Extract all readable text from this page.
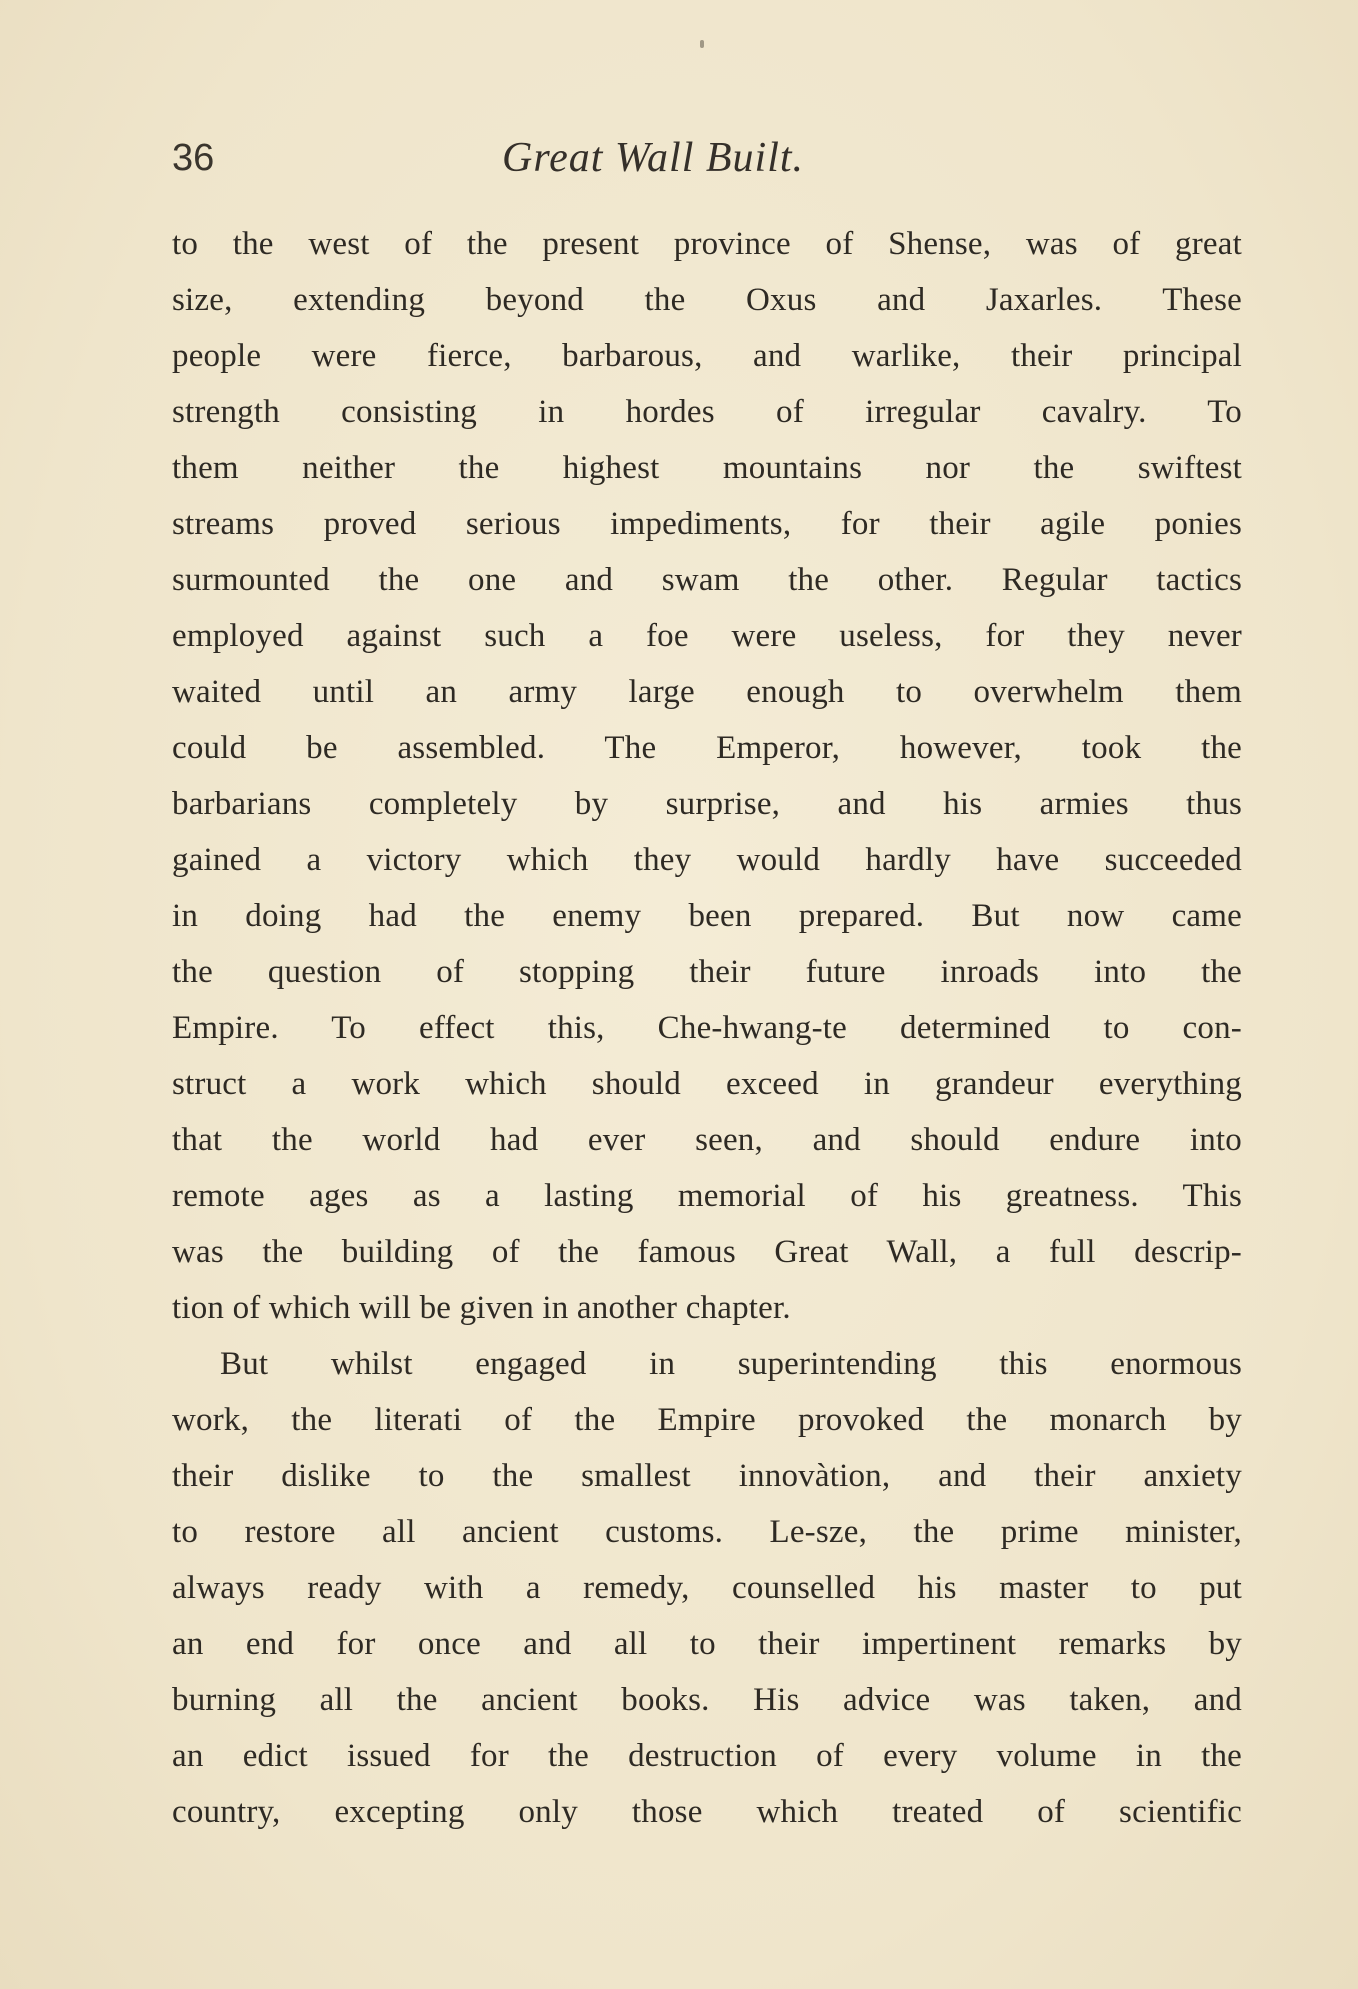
36	Great Wall Built.
to the west of the present province of Shense, was of great
size, extending beyond the Oxus and Jaxarles. These
people were fierce, barbarous, and warlike, their principal
strength consisting in hordes of irregular cavalry. To
them neither the highest mountains nor the swiftest
streams proved serious impediments, for their agile ponies
surmounted the one and swam the other. Regular tactics
employed against such a foe were useless, for they never
waited until an army large enough to overwhelm them
could be assembled. The Emperor, however, took the
barbarians completely by surprise, and his armies thus
gained a victory which they would hardly have succeeded
in doing had the enemy been prepared. But now came
the question of stopping their future inroads into the
Empire. To effect this, Che-hwang-te determined to con-
struct a work which should exceed in grandeur everything
that the world had ever seen, and should endure into
remote ages as a lasting memorial of his greatness. This
was the building of the famous Great Wall, a full descrip-
tion of which will be given in another chapter.
But whilst engaged in superintending this enormous
work, the literati of the Empire provoked the monarch by
their dislike to the smallest innovàtion, and their anxiety
to restore all ancient customs. Le-sze, the prime minister,
always ready with a remedy, counselled his master to put
an end for once and all to their impertinent remarks by
burning all the ancient books. His advice was taken, and
an edict issued for the destruction of every volume in the
country, excepting only those which treated of scientific
